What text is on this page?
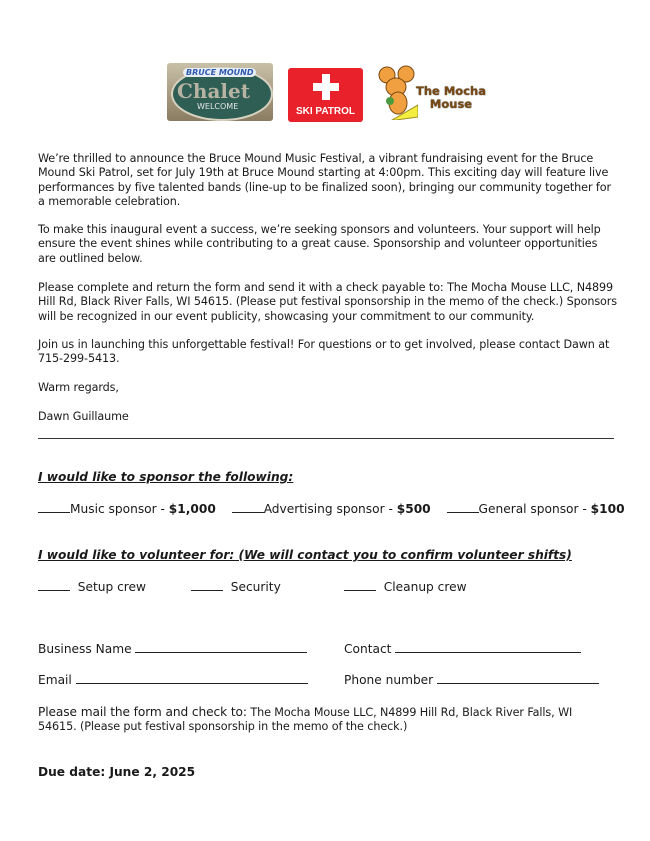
BRUCE MOUND
Chalet
WELCOME	SKI PATROL
The Mocha Mouse

We’re thrilled to announce the Bruce Mound Music Festival, a vibrant fundraising event for the Bruce Mound Ski Patrol, set for July 19th at Bruce Mound starting at 4:00pm. This exciting day will feature live performances by five talented bands (line-up to be finalized soon), bringing our community together for a memorable celebration.

To make this inaugural event a success, we’re seeking sponsors and volunteers. Your support will help ensure the event shines while contributing to a great cause. Sponsorship and volunteer opportunities are outlined below.

Please complete and return the form and send it with a check payable to: The Mocha Mouse LLC, N4899 Hill Rd, Black River Falls, WI 54615. (Please put festival sponsorship in the memo of the check.) Sponsors will be recognized in our event publicity, showcasing your commitment to our community.

Join us in launching this unforgettable festival! For questions or to get involved, please contact Dawn at 715-299-5413.

Warm regards,

Dawn Guillaume

I would like to sponsor the following:
Music sponsor - $1,000	Advertising sponsor - $500	General sponsor - $100
I would like to volunteer for: (We will contact you to confirm volunteer shifts)
Setup crew	Security	Cleanup crew
Business Name	Contact
Email	Phone number

Please mail the form and check to: The Mocha Mouse LLC, N4899 Hill Rd, Black River Falls, WI 54615. (Please put festival sponsorship in the memo of the check.)

Due date: June 2, 2025
